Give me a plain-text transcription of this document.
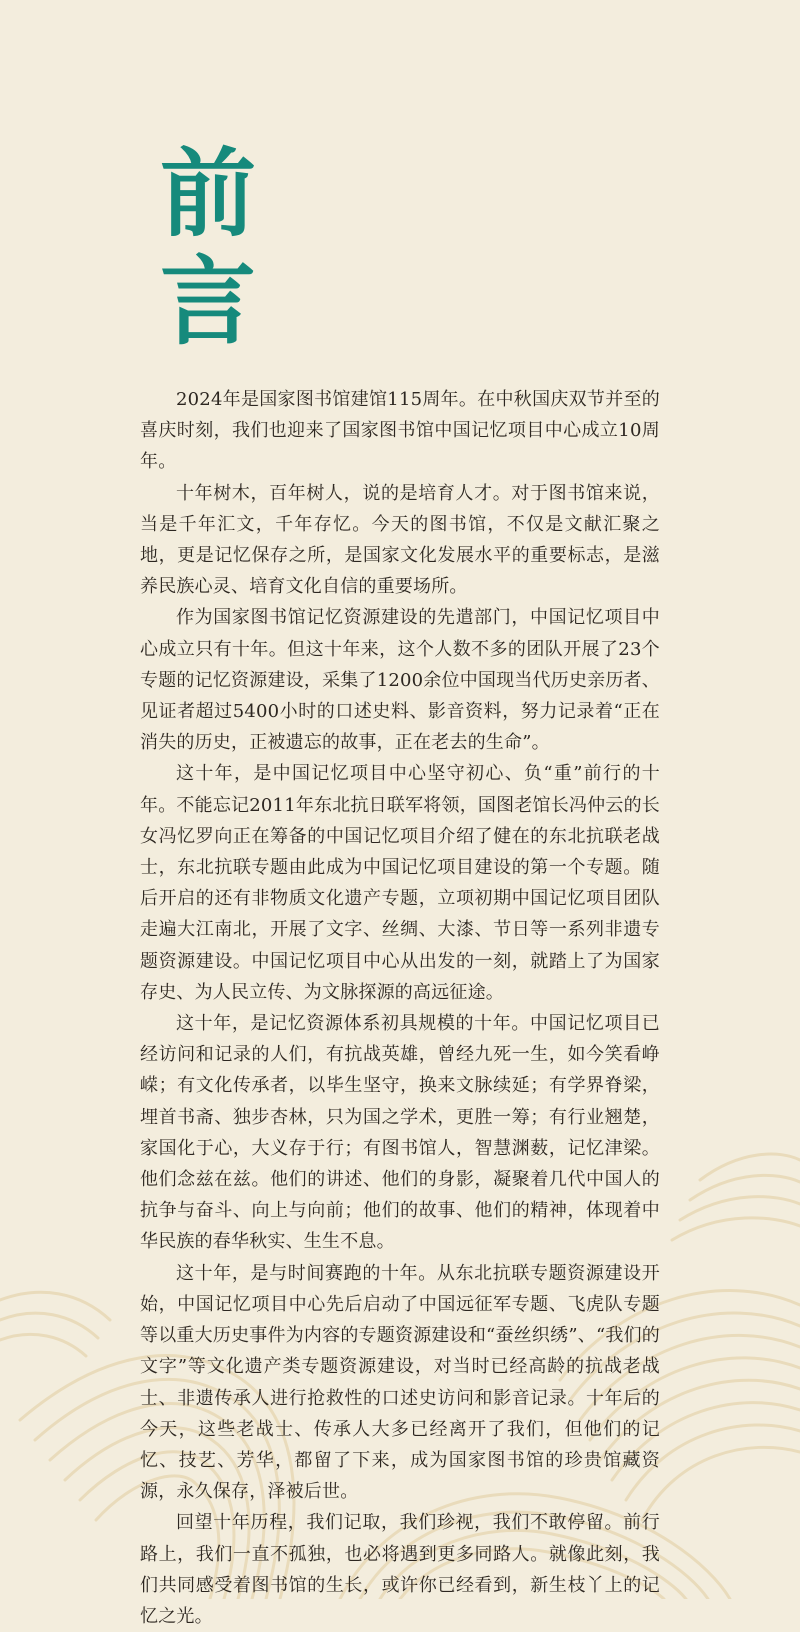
前
言

2024年是国家图书馆建馆115周年。在中秋国庆双节并至的喜庆时刻，我们也迎来了国家图书馆中国记忆项目中心成立10周年。

十年树木，百年树人，说的是培育人才。对于图书馆来说，当是千年汇文，千年存忆。今天的图书馆，不仅是文献汇聚之地，更是记忆保存之所，是国家文化发展水平的重要标志，是滋养民族心灵、培育文化自信的重要场所。

作为国家图书馆记忆资源建设的先遣部门，中国记忆项目中心成立只有十年。但这十年来，这个人数不多的团队开展了23个专题的记忆资源建设，采集了1200余位中国现当代历史亲历者、见证者超过5400小时的口述史料、影音资料，努力记录着“正在消失的历史，正被遗忘的故事，正在老去的生命”。

这十年，是中国记忆项目中心坚守初心、负“重”前行的十年。不能忘记2011年东北抗日联军将领，国图老馆长冯仲云的长女冯忆罗向正在筹备的中国记忆项目介绍了健在的东北抗联老战士，东北抗联专题由此成为中国记忆项目建设的第一个专题。随后开启的还有非物质文化遗产专题，立项初期中国记忆项目团队走遍大江南北，开展了文字、丝绸、大漆、节日等一系列非遗专题资源建设。中国记忆项目中心从出发的一刻，就踏上了为国家存史、为人民立传、为文脉探源的高远征途。

这十年，是记忆资源体系初具规模的十年。中国记忆项目已经访问和记录的人们，有抗战英雄，曾经九死一生，如今笑看峥嵘；有文化传承者，以毕生坚守，换来文脉续延；有学界脊梁，埋首书斋、独步杏林，只为国之学术，更胜一筹；有行业翘楚，家国化于心，大义存于行；有图书馆人，智慧渊薮，记忆津梁。他们念兹在兹。他们的讲述、他们的身影，凝聚着几代中国人的抗争与奋斗、向上与向前；他们的故事、他们的精神，体现着中华民族的春华秋实、生生不息。

这十年，是与时间赛跑的十年。从东北抗联专题资源建设开始，中国记忆项目中心先后启动了中国远征军专题、飞虎队专题等以重大历史事件为内容的专题资源建设和“蚕丝织绣”、“我们的文字”等文化遗产类专题资源建设，对当时已经高龄的抗战老战士、非遗传承人进行抢救性的口述史访问和影音记录。十年后的今天，这些老战士、传承人大多已经离开了我们，但他们的记忆、技艺、芳华，都留了下来，成为国家图书馆的珍贵馆藏资源，永久保存，泽被后世。

回望十年历程，我们记取，我们珍视，我们不敢停留。前行路上，我们一直不孤独，也必将遇到更多同路人。就像此刻，我们共同感受着图书馆的生长，或许你已经看到，新生枝丫上的记忆之光。
